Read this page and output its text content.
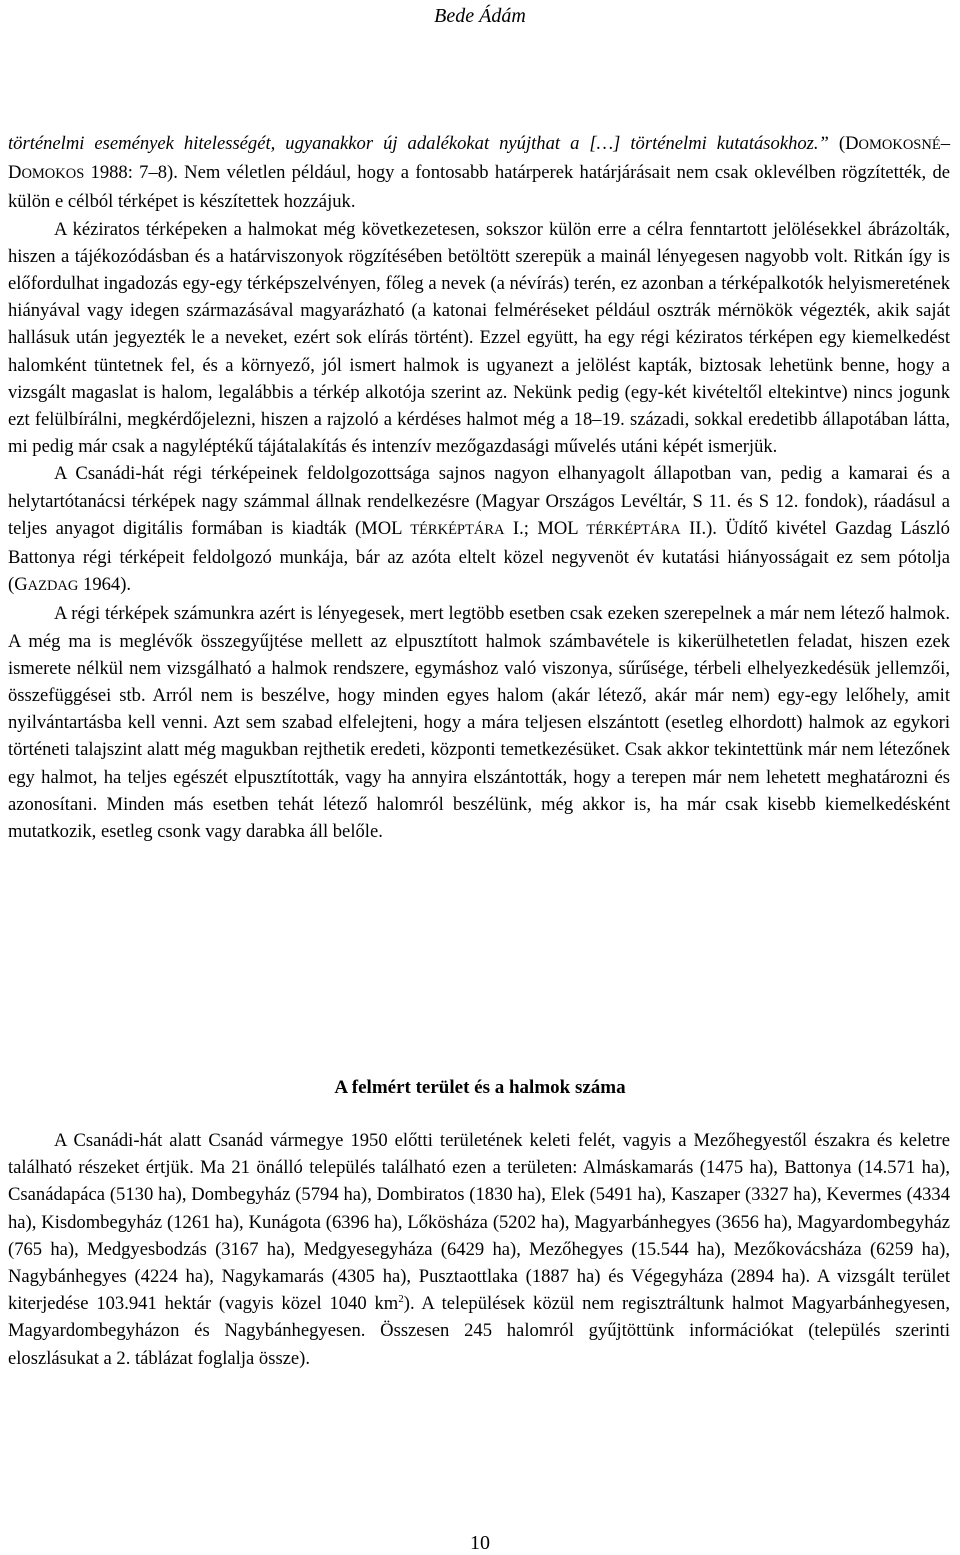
Bede Ádám

történelmi események hitelességét, ugyanakkor új adalékokat nyújthat a […] történelmi kutatásokhoz.” (DOMOKOSNÉ–DOMOKOS 1988: 7–8). Nem véletlen például, hogy a fontosabb határperek határjárásait nem csak oklevélben rögzítették, de külön e célból térképet is készítettek hozzájuk.

A kéziratos térképeken a halmokat még következetesen, sokszor külön erre a célra fenntartott jelölésekkel ábrázolták, hiszen a tájékozódásban és a határviszonyok rögzítésében betöltött szerepük a mainál lényegesen nagyobb volt. Ritkán így is előfordulhat ingadozás egy-egy térképszelvényen, főleg a nevek (a névírás) terén, ez azonban a térképalkotók helyismeretének hiányával vagy idegen származásával magyarázható (a katonai felméréseket például osztrák mérnökök végezték, akik saját hallásuk után jegyezték le a neveket, ezért sok elírás történt). Ezzel együtt, ha egy régi kéziratos térképen egy kiemelkedést halomként tüntetnek fel, és a környező, jól ismert halmok is ugyanezt a jelölést kapták, biztosak lehetünk benne, hogy a vizsgált magaslat is halom, legalábbis a térkép alkotója szerint az. Nekünk pedig (egy-két kivételtől eltekintve) nincs jogunk ezt felülbírálni, megkérdőjelezni, hiszen a rajzoló a kérdéses halmot még a 18–19. századi, sokkal eredetibb állapotában látta, mi pedig már csak a nagyléptékű tájátalakítás és intenzív mezőgazdasági művelés utáni képét ismerjük.

A Csanádi-hát régi térképeinek feldolgozottsága sajnos nagyon elhanyagolt állapotban van, pedig a kamarai és a helytartótanácsi térképek nagy számmal állnak rendelkezésre (Magyar Országos Levéltár, S 11. és S 12. fondok), ráadásul a teljes anyagot digitális formában is kiadták (MOL TÉRKÉPTÁRA I.; MOL TÉRKÉPTÁRA II.). Üdítő kivétel Gazdag László Battonya régi térképeit feldolgozó munkája, bár az azóta eltelt közel negyvenöt év kutatási hiányosságait ez sem pótolja (GAZDAG 1964).

A régi térképek számunkra azért is lényegesek, mert legtöbb esetben csak ezeken szerepelnek a már nem létező halmok. A még ma is meglévők összegyűjtése mellett az elpusztított halmok számbavétele is kikerülhetetlen feladat, hiszen ezek ismerete nélkül nem vizsgálható a halmok rendszere, egymáshoz való viszonya, sűrűsége, térbeli elhelyezkedésük jellemzői, összefüggései stb. Arról nem is beszélve, hogy minden egyes halom (akár létező, akár már nem) egy-egy lelőhely, amit nyilvántartásba kell venni. Azt sem szabad elfelejteni, hogy a mára teljesen elszántott (esetleg elhordott) halmok az egykori történeti talajszint alatt még magukban rejthetik eredeti, központi temetkezésüket. Csak akkor tekintettünk már nem létezőnek egy halmot, ha teljes egészét elpusztították, vagy ha annyira elszántották, hogy a terepen már nem lehetett meghatározni és azonosítani. Minden más esetben tehát létező halomról beszélünk, még akkor is, ha már csak kisebb kiemelkedésként mutatkozik, esetleg csonk vagy darabka áll belőle.

A felmért terület és a halmok száma

A Csanádi-hát alatt Csanád vármegye 1950 előtti területének keleti felét, vagyis a Mezőhegyestől északra és keletre található részeket értjük. Ma 21 önálló település található ezen a területen: Almáskamarás (1475 ha), Battonya (14.571 ha), Csanádapáca (5130 ha), Dombegyház (5794 ha), Dombiratos (1830 ha), Elek (5491 ha), Kaszaper (3327 ha), Kevermes (4334 ha), Kisdombegyház (1261 ha), Kunágota (6396 ha), Lőkösháza (5202 ha), Magyarbánhegyes (3656 ha), Magyardombegyház (765 ha), Medgyesbodzás (3167 ha), Medgyesegyháza (6429 ha), Mezőhegyes (15.544 ha), Mezőkovácsháza (6259 ha), Nagybánhegyes (4224 ha), Nagykamarás (4305 ha), Pusztaottlaka (1887 ha) és Végegyháza (2894 ha). A vizsgált terület kiterjedése 103.941 hektár (vagyis közel 1040 $km^2$). A települések közül nem regisztráltunk halmot Magyarbánhegyesen, Magyardombegyházon és Nagybánhegyesen. Összesen 245 halomról gyűjtöttünk információkat (település szerinti eloszlásukat a 2. táblázat foglalja össze).

10
